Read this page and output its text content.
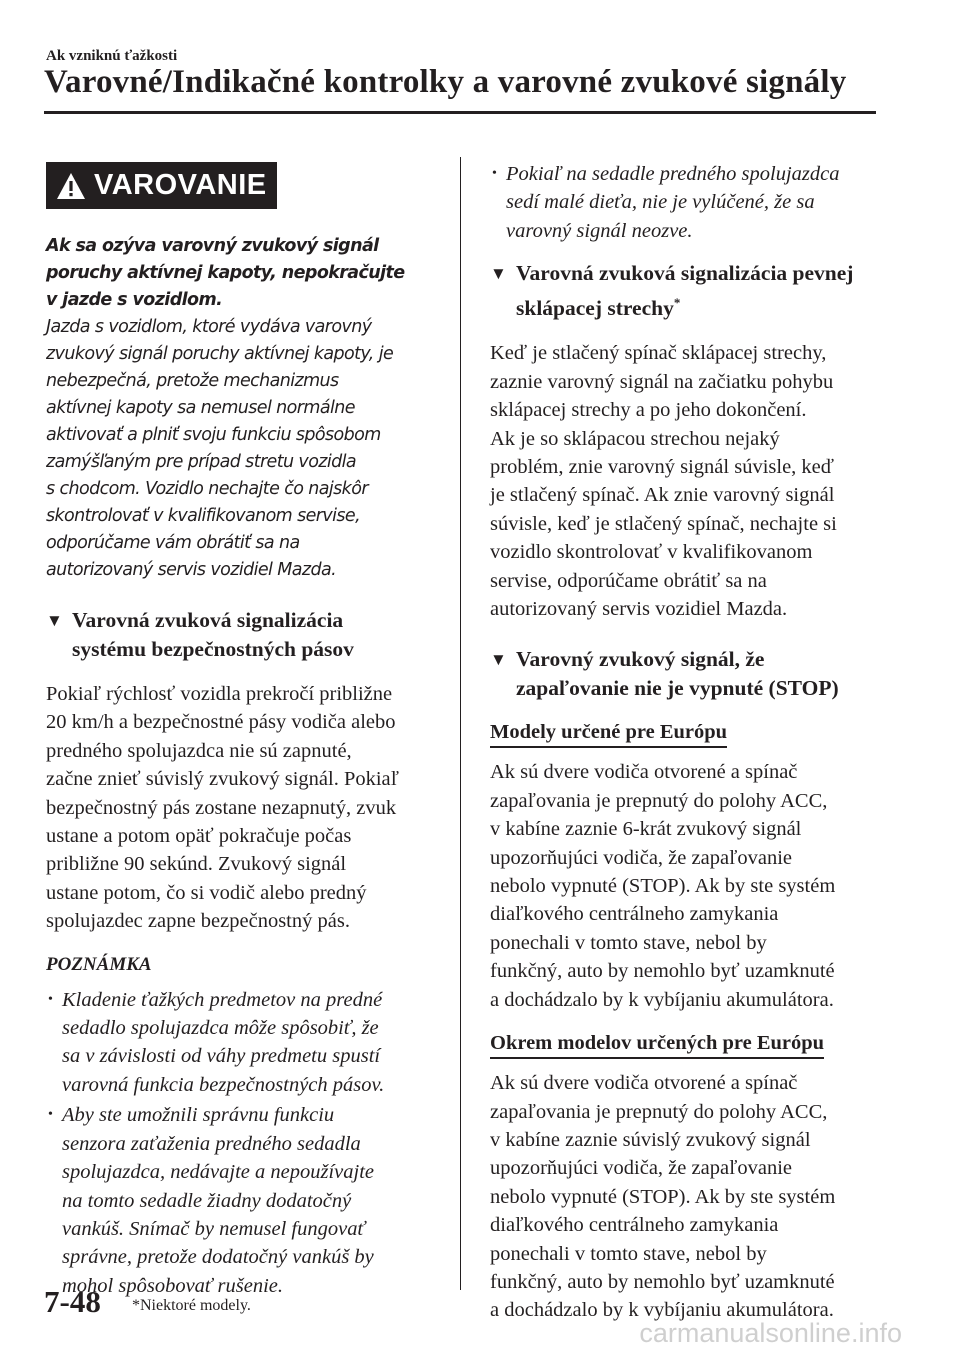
Ak vzniknú ťažkosti
Varovné/Indikačné kontrolky a varovné zvukové signály
VAROVANIE
Ak sa ozýva varovný zvukový signál
poruchy aktívnej kapoty, nepokračujte
v jazde s vozidlom.
Jazda s vozidlom, ktoré vydáva varovný
zvukový signál poruchy aktívnej kapoty, je
nebezpečná, pretože mechanizmus
aktívnej kapoty sa nemusel normálne
aktivovať a plniť svoju funkciu spôsobom
zamýšľaným pre prípad stretu vozidla
s chodcom. Vozidlo nechajte čo najskôr
skontrolovať v kvalifikovanom servise,
odporúčame vám obrátiť sa na
autorizovaný servis vozidiel Mazda.
▼ Varovná zvuková signalizácia
systému bezpečnostných pásov
Pokiaľ rýchlosť vozidla prekročí približne
20 km/h a bezpečnostné pásy vodiča alebo
predného spolujazdca nie sú zapnuté,
začne znieť súvislý zvukový signál. Pokiaľ
bezpečnostný pás zostane nezapnutý, zvuk
ustane a potom opäť pokračuje počas
približne 90 sekúnd. Zvukový signál
ustane potom, čo si vodič alebo predný
spolujazdec zapne bezpečnostný pás.
POZNÁMKA
• Kladenie ťažkých predmetov na predné
sedadlo spolujazdca môže spôsobiť, že
sa v závislosti od váhy predmetu spustí
varovná funkcia bezpečnostných pásov.
• Aby ste umožnili správnu funkciu
senzora zaťaženia predného sedadla
spolujazdca, nedávajte a nepoužívajte
na tomto sedadle žiadny dodatočný
vankúš. Snímač by nemusel fungovať
správne, pretože dodatočný vankúš by
mohol spôsobovať rušenie.
• Pokiaľ na sedadle predného spolujazdca
sedí malé dieťa, nie je vylúčené, že sa
varovný signál neozve.
▼ Varovná zvuková signalizácia pevnej
sklápacej strechy*
Keď je stlačený spínač sklápacej strechy,
zaznie varovný signál na začiatku pohybu
sklápacej strechy a po jeho dokončení.
Ak je so sklápacou strechou nejaký
problém, znie varovný signál súvisle, keď
je stlačený spínač. Ak znie varovný signál
súvisle, keď je stlačený spínač, nechajte si
vozidlo skontrolovať v kvalifikovanom
servise, odporúčame obrátiť sa na
autorizovaný servis vozidiel Mazda.
▼ Varovný zvukový signál, že
zapaľovanie nie je vypnuté (STOP)
Modely určené pre Európu
Ak sú dvere vodiča otvorené a spínač
zapaľovania je prepnutý do polohy ACC,
v kabíne zaznie 6-krát zvukový signál
upozorňujúci vodiča, že zapaľovanie
nebolo vypnuté (STOP). Ak by ste systém
diaľkového centrálneho zamykania
ponechali v tomto stave, nebol by
funkčný, auto by nemohlo byť uzamknuté
a dochádzalo by k vybíjaniu akumulátora.
Okrem modelov určených pre Európu
Ak sú dvere vodiča otvorené a spínač
zapaľovania je prepnutý do polohy ACC,
v kabíne zaznie súvislý zvukový signál
upozorňujúci vodiča, že zapaľovanie
nebolo vypnuté (STOP). Ak by ste systém
diaľkového centrálneho zamykania
ponechali v tomto stave, nebol by
funkčný, auto by nemohlo byť uzamknuté
a dochádzalo by k vybíjaniu akumulátora.
7-48 *Niektoré modely.
carmanualsonline.info
